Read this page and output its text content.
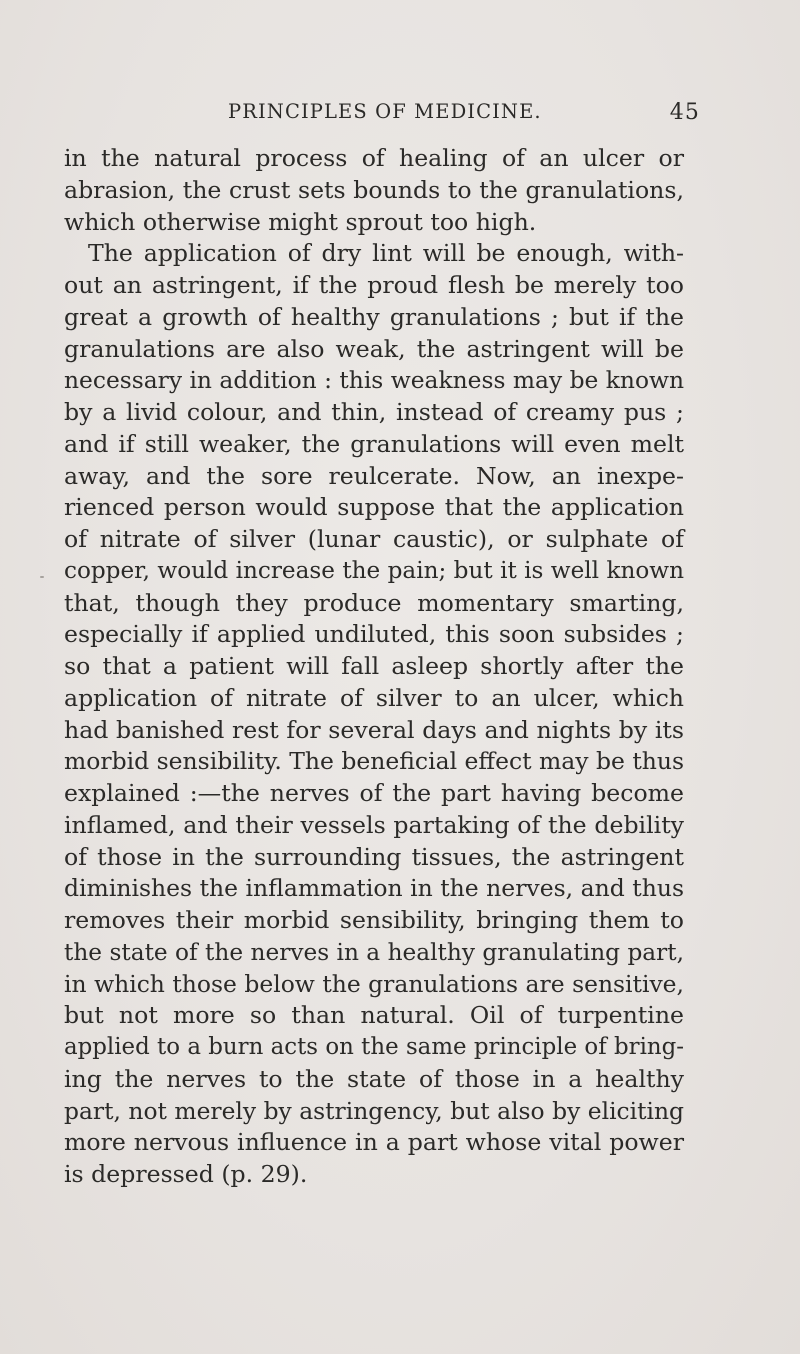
PRINCIPLES OF MEDICINE.	45
in the natural process of healing of an ulcer or
abrasion, the crust sets bounds to the granulations,
which otherwise might sprout too high.
The application of dry lint will be enough, with-
out an astringent, if the proud flesh be merely too
great a growth of healthy granulations ; but if the
granulations are also weak, the astringent will be
necessary in addition : this weakness may be known
by a livid colour, and thin, instead of creamy pus ;
and if still weaker, the granulations will even melt
away, and the sore reulcerate. Now, an inexpe-
rienced person would suppose that the application
of nitrate of silver (lunar caustic), or sulphate of
copper, would increase the pain; but it is well known
that, though they produce momentary smarting,
especially if applied undiluted, this soon subsides ;
so that a patient will fall asleep shortly after the
application of nitrate of silver to an ulcer, which
had banished rest for several days and nights by its
morbid sensibility. The beneficial effect may be thus
explained :—the nerves of the part having become
inflamed, and their vessels partaking of the debility
of those in the surrounding tissues, the astringent
diminishes the inflammation in the nerves, and thus
removes their morbid sensibility, bringing them to
the state of the nerves in a healthy granulating part,
in which those below the granulations are sensitive,
but not more so than natural. Oil of turpentine
applied to a burn acts on the same principle of bring-
ing the nerves to the state of those in a healthy
part, not merely by astringency, but also by eliciting
more nervous influence in a part whose vital power
is depressed (p. 29).
